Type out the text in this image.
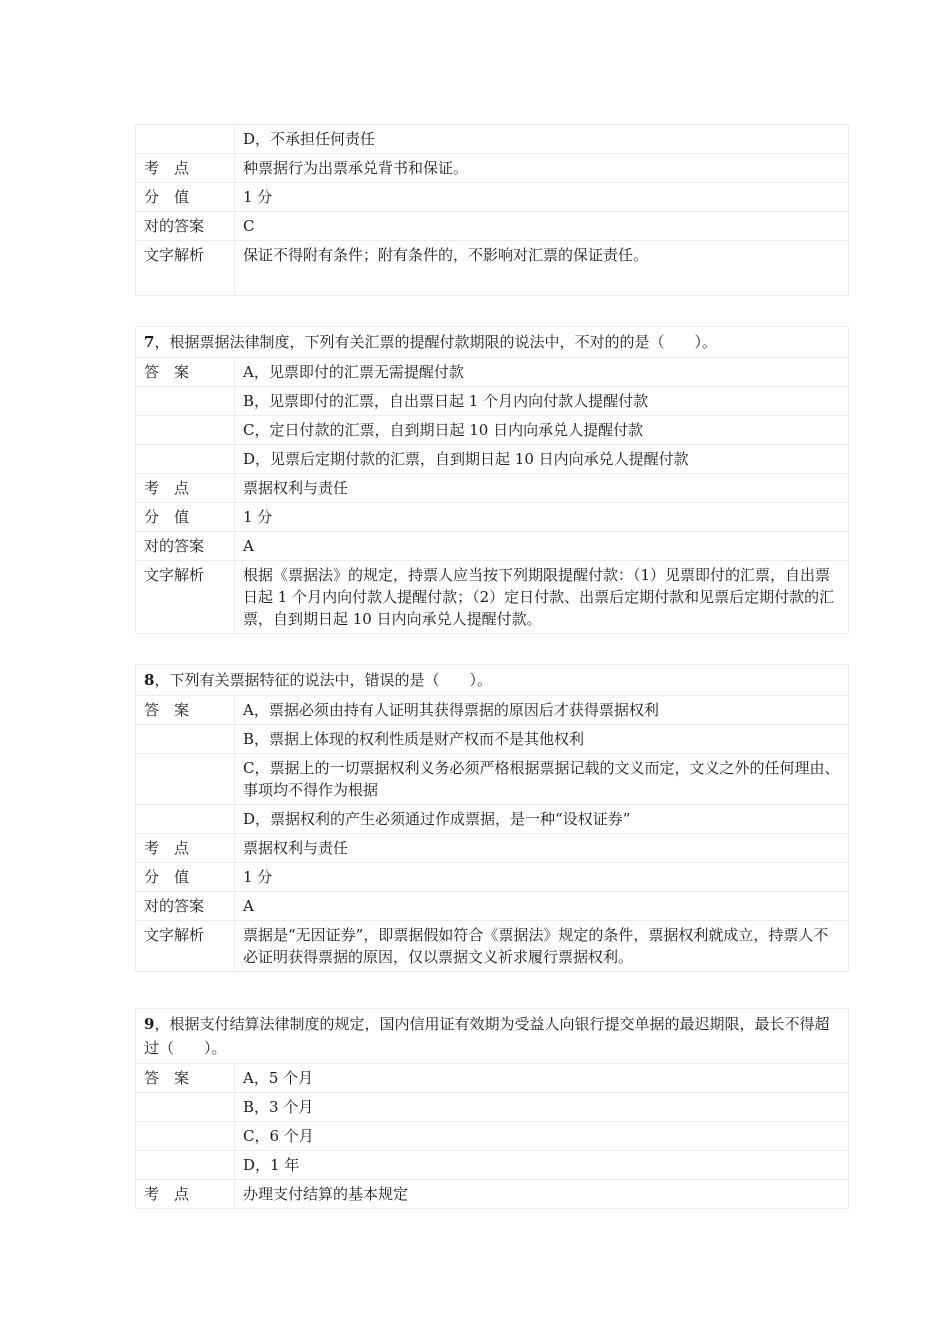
	D，不承担任何责任
考　点	种票据行为出票承兑背书和保证。
分　值	1 分
对的答案	C
文字解析	保证不得附有条件；附有条件的，不影响对汇票的保证责任。
7，根据票据法律制度，下列有关汇票的提醒付款期限的说法中，不对的的是（　　）。
答　案	A，见票即付的汇票无需提醒付款
	B，见票即付的汇票，自出票日起 1 个月内向付款人提醒付款
	C，定日付款的汇票，自到期日起 10 日内向承兑人提醒付款
	D，见票后定期付款的汇票，自到期日起 10 日内向承兑人提醒付款
考　点	票据权利与责任
分　值	1 分
对的答案	A
文字解析	根据《票据法》的规定，持票人应当按下列期限提醒付款：（1）见票即付的汇票，自出票日起 1 个月内向付款人提醒付款；（2）定日付款、出票后定期付款和见票后定期付款的汇票，自到期日起 10 日内向承兑人提醒付款。
8，下列有关票据特征的说法中，错误的是（　　）。
答　案	A，票据必须由持有人证明其获得票据的原因后才获得票据权利
	B，票据上体现的权利性质是财产权而不是其他权利
	C，票据上的一切票据权利义务必须严格根据票据记载的文义而定，文义之外的任何理由、事项均不得作为根据
	D，票据权利的产生必须通过作成票据，是一种“设权证券”
考　点	票据权利与责任
分　值	1 分
对的答案	A
文字解析	票据是“无因证券”，即票据假如符合《票据法》规定的条件，票据权利就成立，持票人不必证明获得票据的原因，仅以票据文义祈求履行票据权利。
9，根据支付结算法律制度的规定，国内信用证有效期为受益人向银行提交单据的最迟期限，最长不得超过（　　）。
答　案	A，5 个月
	B，3 个月
	C，6 个月
	D，1 年
考　点	办理支付结算的基本规定
